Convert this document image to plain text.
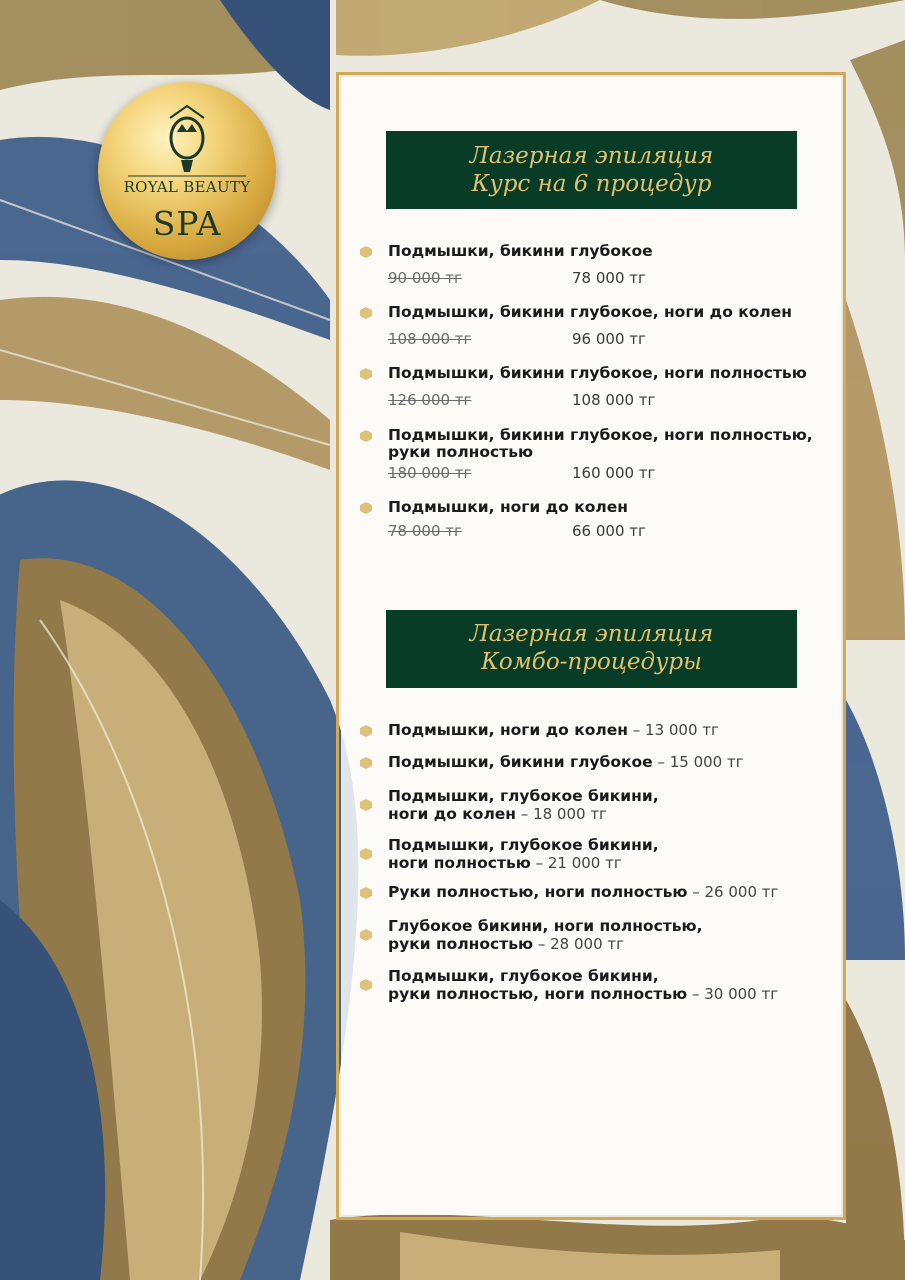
ROYAL BEAUTY
SPA
Лазерная эпиляция
Курс на 6 процедур
Подмышки, бикини глубокое
90 000 тг	78 000 тг
Подмышки, бикини глубокое, ноги до колен
108 000 тг	96 000 тг
Подмышки, бикини глубокое, ноги полностью
126 000 тг	108 000 тг
Подмышки, бикини глубокое, ноги полностью,
руки полностью
180 000 тг	160 000 тг
Подмышки, ноги до колен
78 000 тг	66 000 тг
Лазерная эпиляция
Комбо-процедуры
Подмышки, ноги до колен – 13 000 тг
Подмышки, бикини глубокое – 15 000 тг
Подмышки, глубокое бикини,
ноги до колен – 18 000 тг
Подмышки, глубокое бикини,
ноги полностью – 21 000 тг
Руки полностью, ноги полностью – 26 000 тг
Глубокое бикини, ноги полностью,
руки полностью – 28 000 тг
Подмышки, глубокое бикини,
руки полностью, ноги полностью – 30 000 тг
